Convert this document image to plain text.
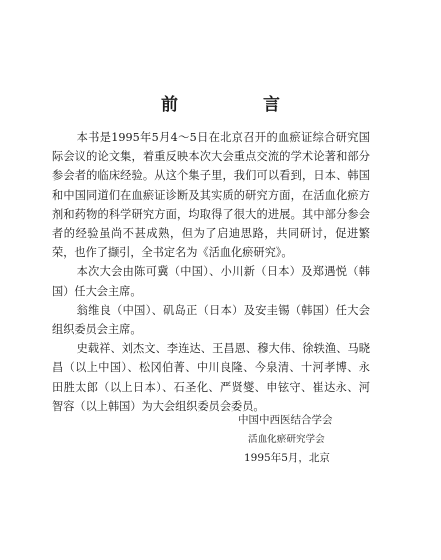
前　言

本书是1995年5月4～5日在北京召开的血瘀证综合研究国际会议的论文集，着重反映本次大会重点交流的学术论著和部分参会者的临床经验。从这个集子里，我们可以看到，日本、韩国和中国同道们在血瘀证诊断及其实质的研究方面，在活血化瘀方剂和药物的科学研究方面，均取得了很大的进展。其中部分参会者的经验虽尚不甚成熟，但为了启迪思路，共同研讨，促进繁荣，也作了撷引，全书定名为《活血化瘀研究》。

本次大会由陈可冀（中国）、小川新（日本）及郑遇悦（韩国）任大会主席。

翁维良（中国）、矶岛正（日本）及安圭锡（韩国）任大会组织委员会主席。

史载祥、刘杰文、李连达、王昌恩、穆大伟、徐轶渔、马晓昌（以上中国）、松冈伯菁、中川良隆、今泉清、十河孝博、永田胜太郎（以上日本）、石圣化、严贤燮、申铉守、崔达永、河智容（以上韩国）为大会组织委员会委员。

中国中西医结合学会
活血化瘀研究学会
1995年5月，北京
